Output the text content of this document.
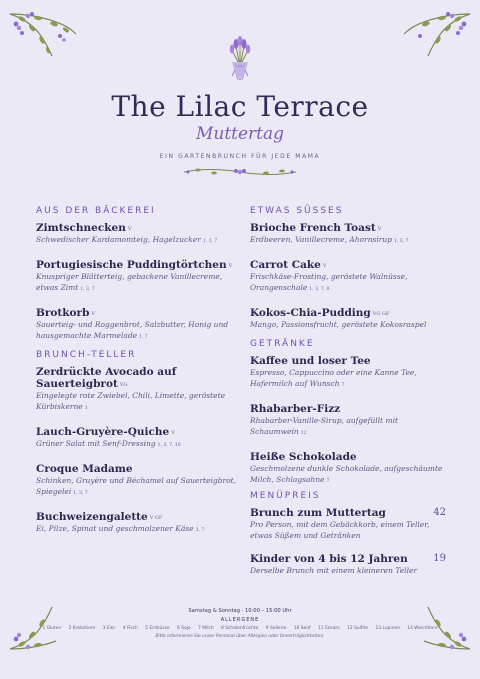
The Lilac Terrace
Muttertag
EIN GARTENBRUNCH FÜR JEDE MAMA
AUS DER BÄCKEREI
Zimtschnecken V
Schwedischer Kardamomteig, Hagelzucker 1, 3, 7
Portugiesische Puddingtörtchen V
Knuspriger Blätterteig, gebackene Vanillecreme, etwas Zimt 1, 3, 7
Brotkorb V
Sauerteig- und Roggenbrot, Salzbutter, Honig und hausgemachte Marmelade 1, 7
BRUNCH-TELLER
Zerdrückte Avocado auf Sauerteigbrot VG
Eingelegte rote Zwiebel, Chili, Limette, geröstete Kürbiskerne 1
Lauch-Gruyère-Quiche V
Grüner Salat mit Senf-Dressing 1, 3, 7, 10
Croque Madame
Schinken, Gruyère und Béchamel auf Sauerteigbrot, Spiegelei 1, 3, 7
Buchweizengalette V GF
Ei, Pilze, Spinat und geschmolzener Käse 3, 7
ETWAS SÜSSES
Brioche French Toast V
Erdbeeren, Vanillecreme, Ahornsirup 1, 3, 7
Carrot Cake V
Frischkäse-Frosting, geröstete Walnüsse, Orangenschale 1, 3, 7, 8
Kokos-Chia-Pudding VG GF
Mango, Passionsfrucht, geröstete Kokosraspel
GETRÄNKE
Kaffee und loser Tee
Espresso, Cappuccino oder eine Kanne Tee, Hafermilch auf Wunsch 7
Rhabarber-Fizz
Rhabarber-Vanille-Sirup, aufgefüllt mit Schaumwein 12
Heiße Schokolade
Geschmolzene dunkle Schokolade, aufgeschäumte Milch, Schlagsahne 7
MENÜPREIS
Brunch zum Muttertag	42
Pro Person, mit dem Gebäckkorb, einem Teller, etwas Süßem und Getränken
Kinder von 4 bis 12 Jahren	19
Derselbe Brunch mit einem kleineren Teller
Samstag & Sonntag · 10:00 – 15:00 Uhr
ALLERGENE
1 Gluten 2 Krebstiere 3 Eier 4 Fisch 5 Erdnüsse 6 Soja 7 Milch 8 Schalenfrüchte 9 Sellerie 10 Senf 11 Sesam 12 Sulfite 13 Lupinen 14 Weichtiere
Bitte informieren Sie unser Personal über Allergien oder Unverträglichkeiten.
